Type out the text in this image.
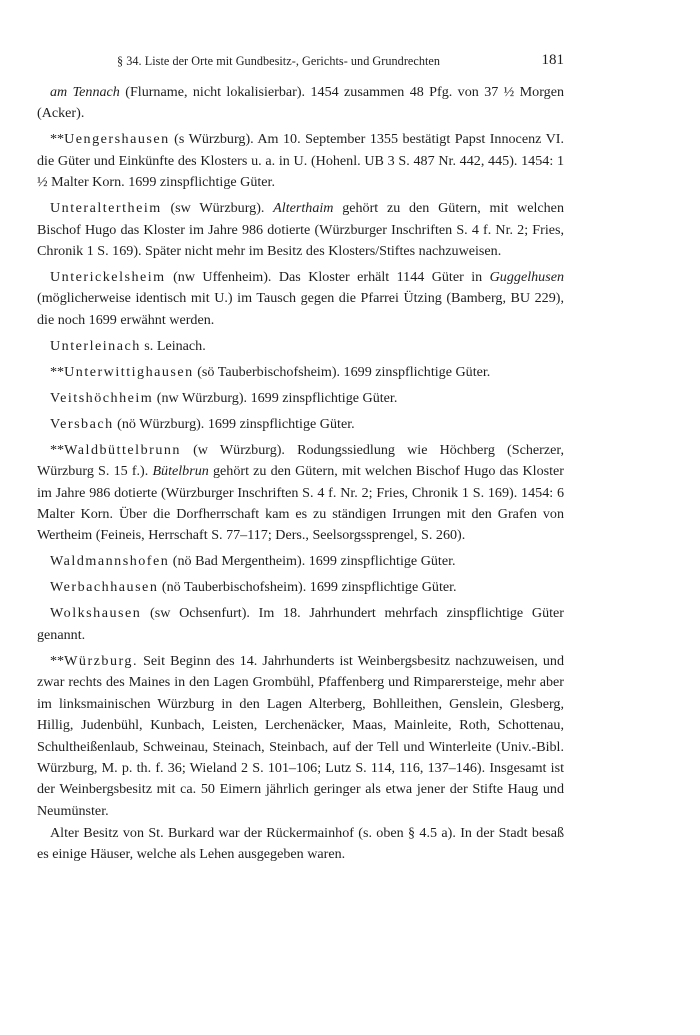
§ 34. Liste der Orte mit Gundbesitz-, Gerichts- und Grundrechten	181

am Tennach (Flurname, nicht lokalisierbar). 1454 zusammen 48 Pfg. von 37 ½ Morgen (Acker).

**Uengershausen (s Würzburg). Am 10. September 1355 bestätigt Papst Innocenz VI. die Güter und Einkünfte des Klosters u. a. in U. (Hohenl. UB 3 S. 487 Nr. 442, 445). 1454: 1 ½ Malter Korn. 1699 zinspflichtige Güter.

Unteraltertheim (sw Würzburg). Alterthaim gehört zu den Gütern, mit welchen Bischof Hugo das Kloster im Jahre 986 dotierte (Würzburger Inschriften S. 4 f. Nr. 2; Fries, Chronik 1 S. 169). Später nicht mehr im Besitz des Klosters/Stiftes nachzuweisen.

Unterickelsheim (nw Uffenheim). Das Kloster erhält 1144 Güter in Guggelhusen (möglicherweise identisch mit U.) im Tausch gegen die Pfarrei Ützing (Bamberg, BU 229), die noch 1699 erwähnt werden.

Unterleinach s. Leinach.

**Unterwittighausen (sö Tauberbischofsheim). 1699 zinspflichtige Güter.

Veitshöchheim (nw Würzburg). 1699 zinspflichtige Güter.

Versbach (nö Würzburg). 1699 zinspflichtige Güter.

**Waldbüttelbrunn (w Würzburg). Rodungssiedlung wie Höchberg (Scherzer, Würzburg S. 15 f.). Bütelbrun gehört zu den Gütern, mit welchen Bischof Hugo das Kloster im Jahre 986 dotierte (Würzburger Inschriften S. 4 f. Nr. 2; Fries, Chronik 1 S. 169). 1454: 6 Malter Korn. Über die Dorfherrschaft kam es zu ständigen Irrungen mit den Grafen von Wertheim (Feineis, Herrschaft S. 77–117; Ders., Seelsorgssprengel, S. 260).

Waldmannshofen (nö Bad Mergentheim). 1699 zinspflichtige Güter.

Werbachhausen (nö Tauberbischofsheim). 1699 zinspflichtige Güter.

Wolkshausen (sw Ochsenfurt). Im 18. Jahrhundert mehrfach zinspflichtige Güter genannt.

**Würzburg. Seit Beginn des 14. Jahrhunderts ist Weinbergsbesitz nachzuweisen, und zwar rechts des Maines in den Lagen Grombühl, Pfaffenberg und Rimparersteige, mehr aber im linksmainischen Würzburg in den Lagen Alterberg, Bohlleithen, Genslein, Glesberg, Hillig, Judenbühl, Kunbach, Leisten, Lerchenäcker, Maas, Mainleite, Roth, Schottenau, Schultheißenlaub, Schweinau, Steinach, Steinbach, auf der Tell und Winterleite (Univ.-Bibl. Würzburg, M. p. th. f. 36; Wieland 2 S. 101–106; Lutz S. 114, 116, 137–146). Insgesamt ist der Weinbergsbesitz mit ca. 50 Eimern jährlich geringer als etwa jener der Stifte Haug und Neumünster.

Alter Besitz von St. Burkard war der Rückermainhof (s. oben § 4.5 a). In der Stadt besaß es einige Häuser, welche als Lehen ausgegeben waren.
